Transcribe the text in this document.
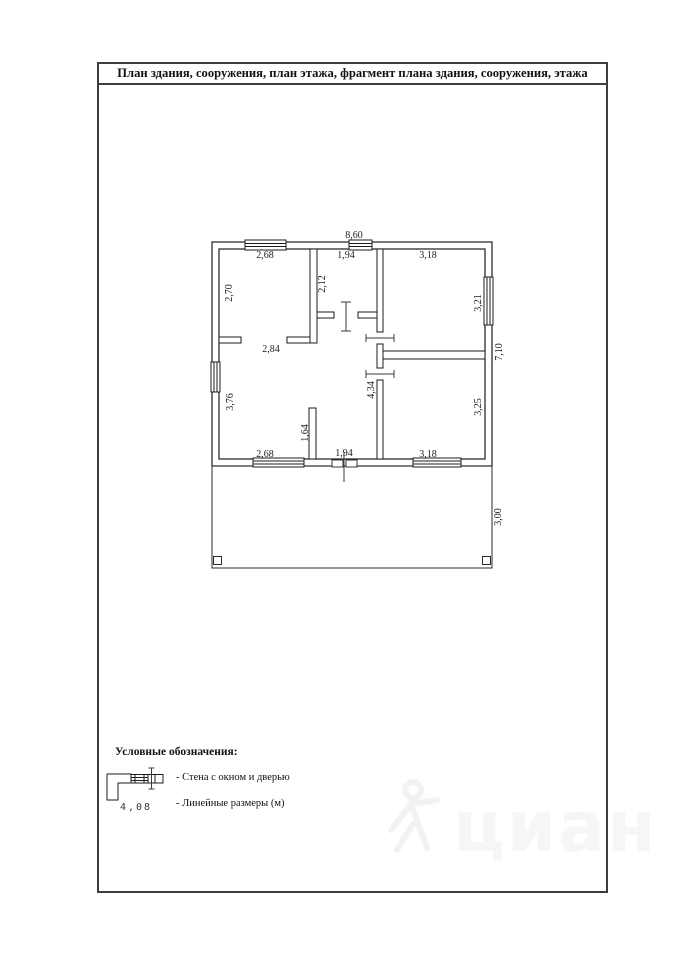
циан
План здания, сооружения, план этажа, фрагмент плана здания, сооружения, этажа
8,60
2,68	1,94	3,18
2,70
2,12
3,21
2,84
3,76
1,64
4,34
3,25
7,10
2,68	1,94	3,18
3,00
Условные обозначения:
- Стена с окном и дверью
4,08 - Линейные размеры (м)
